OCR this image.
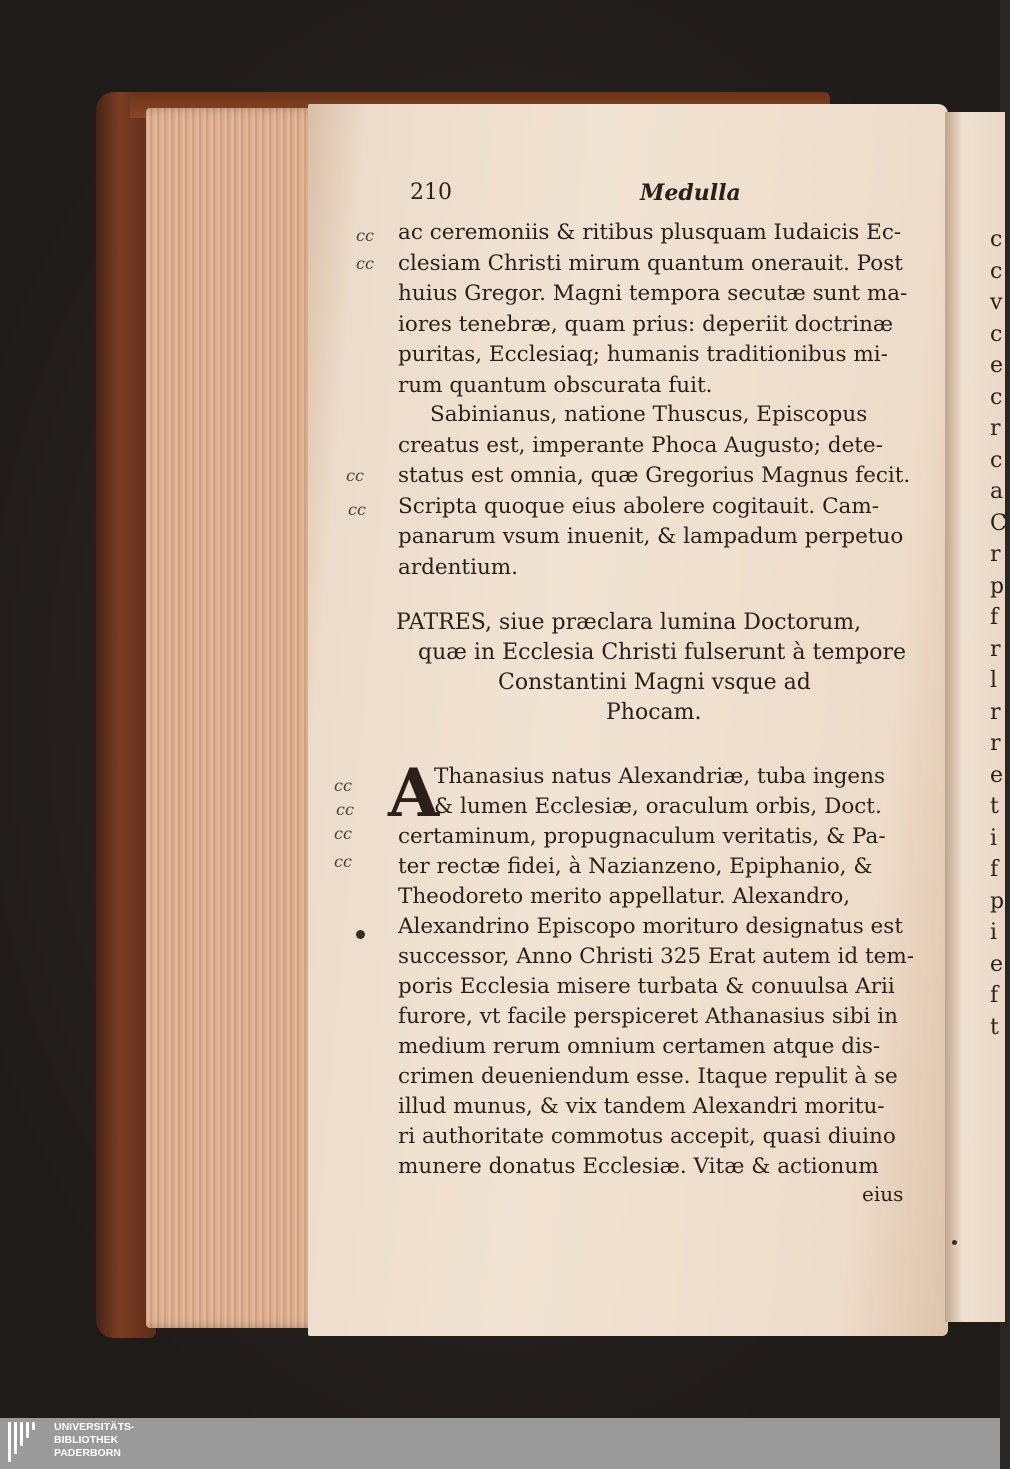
c
c
v
c
e
c
r
c
a
C
r
p
f
r
l
r
r
e
t
i
f
p
i
e
f
t
210	Medulla
ac ceremoniis & ritibus plusquam Iudaicis Ec-
clesiam Christi mirum quantum onerauit. Post
huius Gregor. Magni tempora secutæ sunt ma-
iores tenebræ, quam prius: deperiit doctrinæ
puritas, Ecclesiaq; humanis traditionibus mi-
rum quantum obscurata fuit.
Sabinianus, natione Thuscus, Episcopus
creatus est, imperante Phoca Augusto; dete-
status est omnia, quæ Gregorius Magnus fecit.
Scripta quoque eius abolere cogitauit. Cam-
panarum vsum inuenit, & lampadum perpetuo
ardentium.
PATRES, siue præclara lumina Doctorum,
quæ in Ecclesia Christi fulserunt à tempore
Constantini Magni vsque ad
Phocam.
A
Thanasius natus Alexandriæ, tuba ingens
& lumen Ecclesiæ, oraculum orbis, Doct.
certaminum, propugnaculum veritatis, & Pa-
ter rectæ fidei, à Nazianzeno, Epiphanio, &
Theodoreto merito appellatur. Alexandro,
Alexandrino Episcopo morituro designatus est
successor, Anno Christi 325 Erat autem id tem-
poris Ecclesia misere turbata & conuulsa Arii
furore, vt facile perspiceret Athanasius sibi in
medium rerum omnium certamen atque dis-
crimen deueniendum esse. Itaque repulit à se
illud munus, & vix tandem Alexandri moritu-
ri authoritate commotus accepit, quasi diuino
munere donatus Ecclesiæ. Vitæ & actionum
eius
cc
cc
cc
cc
cc
cc
cc
cc
UNIVERSITÄTS-
BIBLIOTHEK
PADERBORN
